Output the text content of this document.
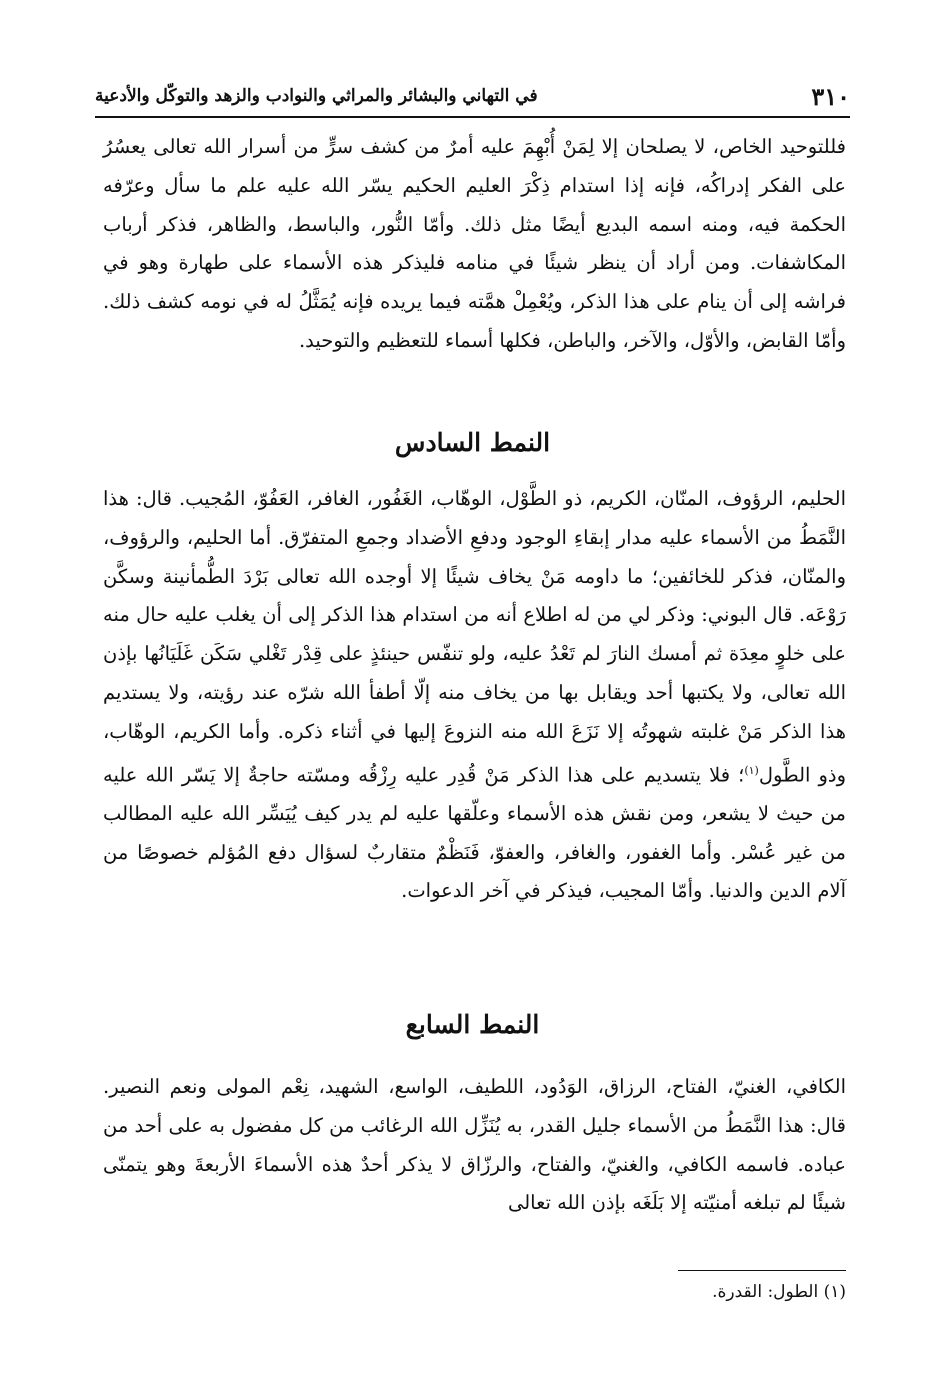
٣١٠
في التهاني والبشائر والمراثي والنوادب والزهد والتوكّل والأدعية

فللتوحيد الخاص، لا يصلحان إلا لِمَنْ أُبْهِمَ عليه أمرٌ من كشف سرٍّ من أسرار الله تعالى يعسُرُ على الفكر إدراكُه، فإنه إذا استدام ذِكْرَ العليم الحكيم يسّر الله عليه علم ما سأل وعرّفه الحكمة فيه، ومنه اسمه البديع أيضًا مثل ذلك. وأمّا النُّور، والباسط، والظاهر، فذكر أرباب المكاشفات. ومن أراد أن ينظر شيئًا في منامه فليذكر هذه الأسماء على طهارة وهو في فراشه إلى أن ينام على هذا الذكر، ويُعْمِلْ همَّته فيما يريده فإنه يُمَثَّلُ له في نومه كشف ذلك. وأمّا القابض، والأوّل، والآخر، والباطن، فكلها أسماء للتعظيم والتوحيد.

النمط السادس

الحليم، الرؤوف، المنّان، الكريم، ذو الطَّوْل، الوهّاب، الغَفُور، الغافر، العَفُوّ، المُجيب. قال: هذا النَّمَطُ من الأسماء عليه مدار إبقاءِ الوجود ودفعِ الأضداد وجمعِ المتفرّق. أما الحليم، والرؤوف، والمنّان، فذكر للخائفين؛ ما داومه مَنْ يخاف شيئًا إلا أوجده الله تعالى بَرْدَ الطُّمأنينة وسكَّن رَوْعَه. قال البوني: وذكر لي من له اطلاع أنه من استدام هذا الذكر إلى أن يغلب عليه حال منه على خلوٍ معِدَة ثم أمسك النارَ لم تَعْدُ عليه، ولو تنفّس حينئذٍ على قِدْر تَغْلي سَكَن غَلَيَانُها بإذن الله تعالى، ولا يكتبها أحد ويقابل بها من يخاف منه إلّا أطفأ الله شرّه عند رؤيته، ولا يستديم هذا الذكر مَنْ غلبته شهوتُه إلا نَزَعَ الله منه النزوعَ إليها في أثناء ذكره. وأما الكريم، الوهّاب، وذو الطَّول$^{(١)}$؛ فلا يتسديم على هذا الذكر مَنْ قُدِر عليه رِزْقُه ومسّته حاجةٌ إلا يَسّر الله عليه من حيث لا يشعر، ومن نقش هذه الأسماء وعلّقها عليه لم يدر كيف يُيَسِّر الله عليه المطالب من غير عُسْر. وأما الغفور، والغافر، والعفوّ، فَنَظْمٌ متقاربٌ لسؤال دفع المُؤلم خصوصًا من آلام الدين والدنيا. وأمّا المجيب، فيذكر في آخر الدعوات.

النمط السابع

الكافي، الغنيّ، الفتاح، الرزاق، الوَدُود، اللطيف، الواسع، الشهيد، نِعْم المولى ونعم النصير. قال: هذا النَّمَطُ من الأسماء جليل القدر، به يُنَزِّل الله الرغائب من كل مفضول به على أحد من عباده. فاسمه الكافي، والغنيّ، والفتاح، والرزّاق لا يذكر أحدٌ هذه الأسماءَ الأربعةَ وهو يتمنّى شيئًا لم تبلغه أمنيّته إلا بَلَغَه بإذن الله تعالى

(١) الطول: القدرة.
